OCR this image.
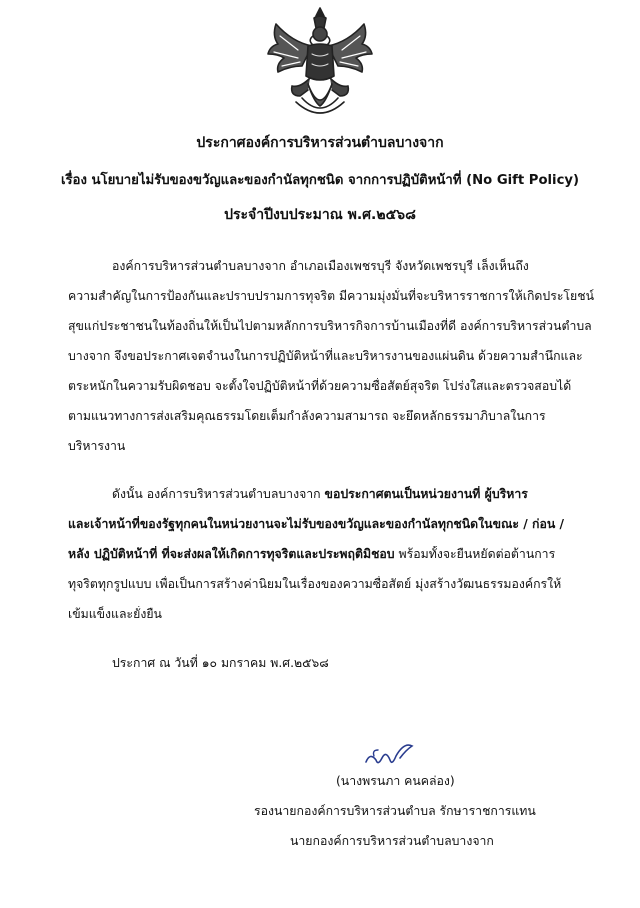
ประกาศองค์การบริหารส่วนตำบลบางจาก
เรื่อง นโยบายไม่รับของขวัญและของกำนัลทุกชนิด จากการปฏิบัติหน้าที่ (No Gift Policy)
ประจำปีงบประมาณ พ.ศ.๒๕๖๘

องค์การบริหารส่วนตำบลบางจาก อำเภอเมืองเพชรบุรี จังหวัดเพชรบุรี เล็งเห็นถึง

ความสำคัญในการป้องกันและปราบปรามการทุจริต มีความมุ่งมั่นที่จะบริหารราชการให้เกิดประโยชน์

สุขแก่ประชาชนในท้องถิ่นให้เป็นไปตามหลักการบริหารกิจการบ้านเมืองที่ดี องค์การบริหารส่วนตำบล

บางจาก จึงขอประกาศเจตจำนงในการปฏิบัติหน้าที่และบริหารงานของแผ่นดิน ด้วยความสำนึกและ

ตระหนักในความรับผิดชอบ จะตั้งใจปฏิบัติหน้าที่ด้วยความซื่อสัตย์สุจริต โปร่งใสและตรวจสอบได้

ตามแนวทางการส่งเสริมคุณธรรมโดยเต็มกำลังความสามารถ จะยึดหลักธรรมาภิบาลในการ

บริหารงาน

ดังนั้น องค์การบริหารส่วนตำบลบางจาก ขอประกาศตนเป็นหน่วยงานที่ ผู้บริหาร

และเจ้าหน้าที่ของรัฐทุกคนในหน่วยงานจะไม่รับของขวัญและของกำนัลทุกชนิดในขณะ / ก่อน /

หลัง ปฏิบัติหน้าที่ ที่จะส่งผลให้เกิดการทุจริตและประพฤติมิชอบ พร้อมทั้งจะยืนหยัดต่อต้านการ

ทุจริตทุกรูปแบบ เพื่อเป็นการสร้างค่านิยมในเรื่องของความซื่อสัตย์ มุ่งสร้างวัฒนธรรมองค์กรให้

เข้มแข็งและยั่งยืน

ประกาศ ณ วันที่ ๑๐ มกราคม พ.ศ.๒๕๖๘
(นางพรนภา คนคล่อง)
รองนายกองค์การบริหารส่วนตำบล รักษาราชการแทน
นายกองค์การบริหารส่วนตำบลบางจาก
